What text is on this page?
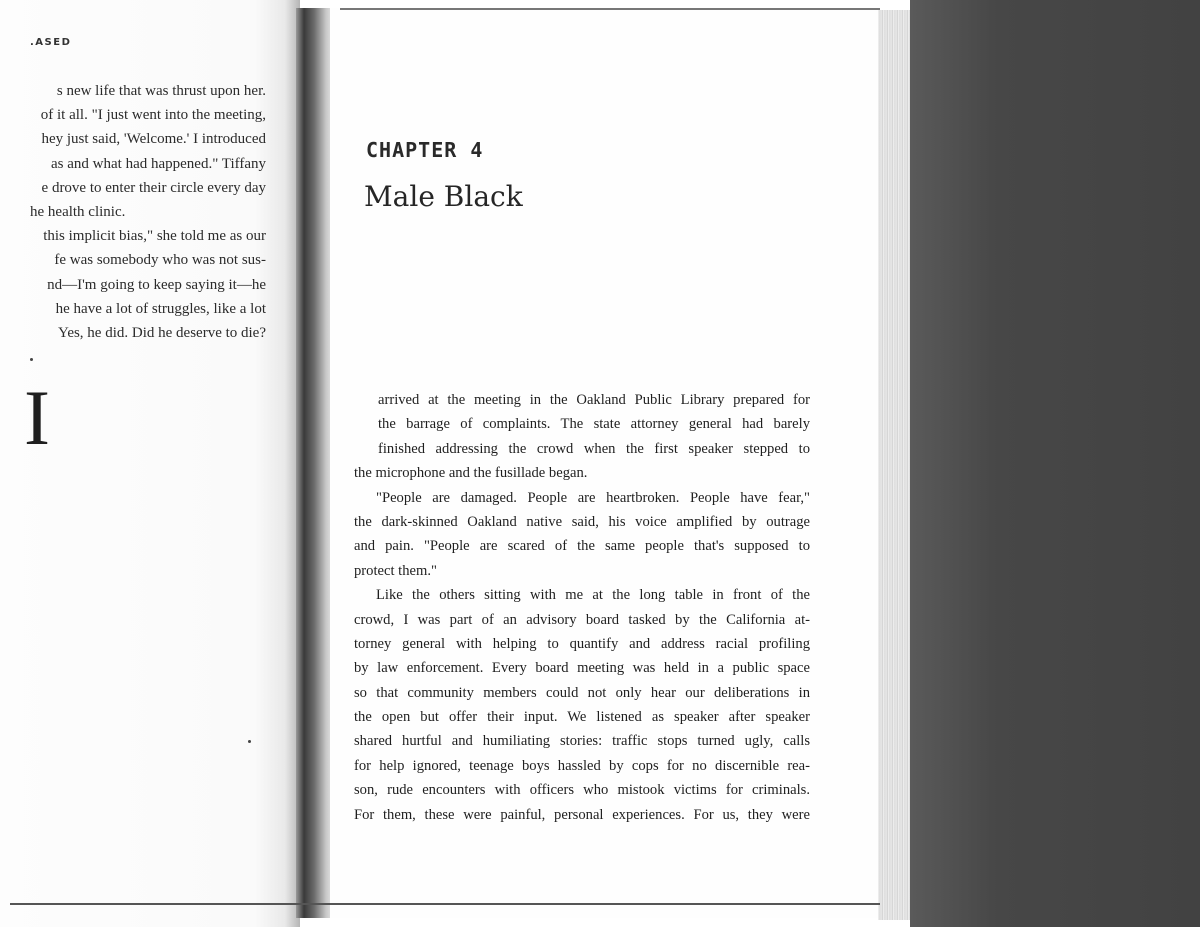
.ASED
s new life that was thrust upon her.
of it all. "I just went into the meeting,
hey just said, 'Welcome.' I introduced
as and what had happened." Tiffany
e drove to enter their circle every day
he health clinic.
this implicit bias," she told me as our
fe was somebody who was not sus-
nd—I'm going to keep saying it—he
he have a lot of struggles, like a lot
Yes, he did. Did he deserve to die?
CHAPTER 4
Male Black
I	arrived at the meeting in the Oakland Public Library prepared for
the barrage of complaints. The state attorney general had barely
finished addressing the crowd when the first speaker stepped to
the microphone and the fusillade began.
"People are damaged. People are heartbroken. People have fear,"
the dark-skinned Oakland native said, his voice amplified by outrage
and pain. "People are scared of the same people that's supposed to
protect them."
Like the others sitting with me at the long table in front of the
crowd, I was part of an advisory board tasked by the California at-
torney general with helping to quantify and address racial profiling
by law enforcement. Every board meeting was held in a public space
so that community members could not only hear our deliberations in
the open but offer their input. We listened as speaker after speaker
shared hurtful and humiliating stories: traffic stops turned ugly, calls
for help ignored, teenage boys hassled by cops for no discernible rea-
son, rude encounters with officers who mistook victims for criminals.
For them, these were painful, personal experiences. For us, they were
